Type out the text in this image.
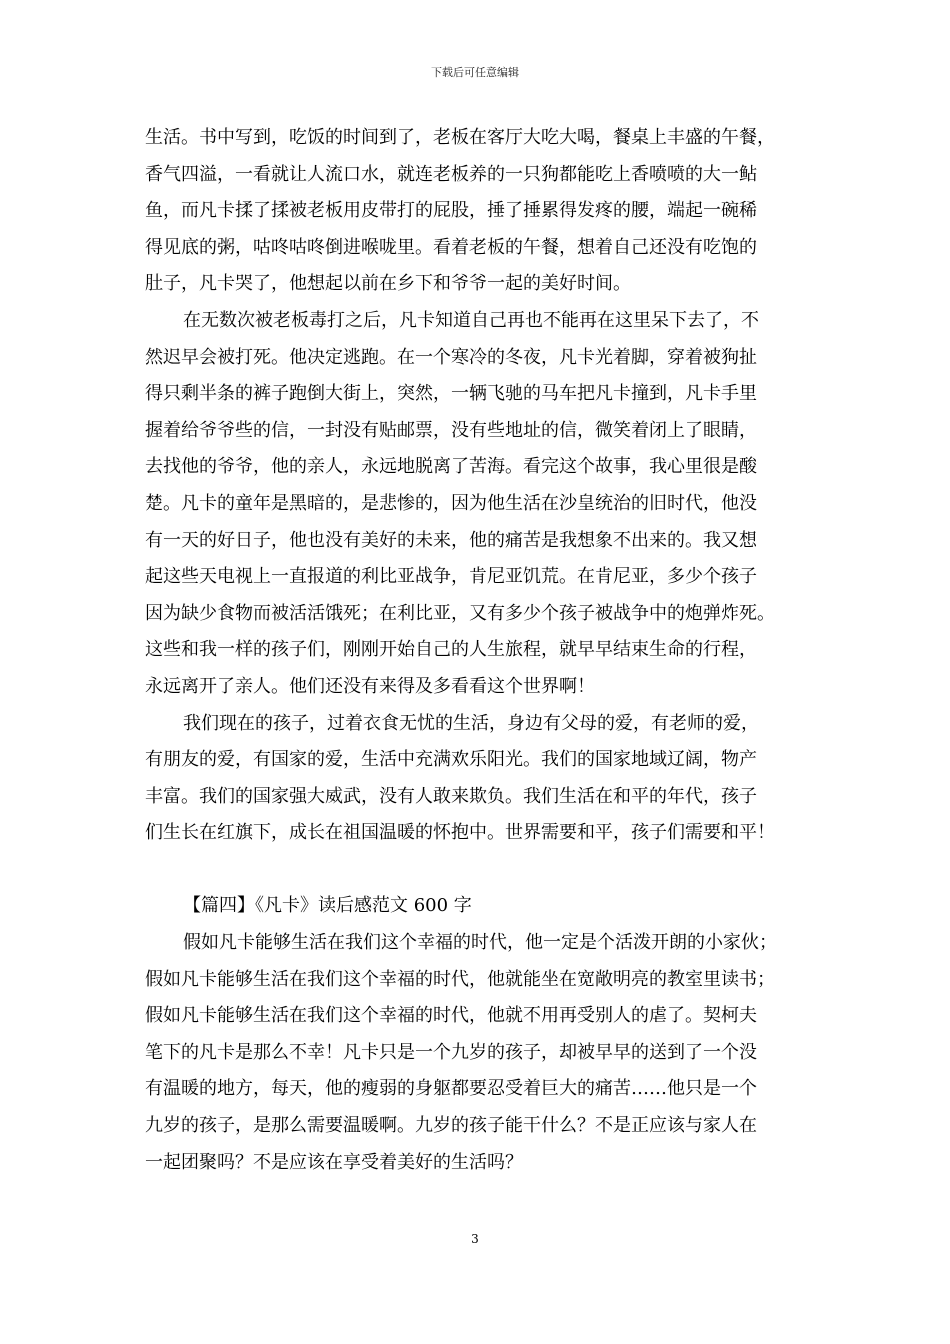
下载后可任意编辑
生活。书中写到，吃饭的时间到了，老板在客厅大吃大喝，餐桌上丰盛的午餐，
香气四溢，一看就让人流口水，就连老板养的一只狗都能吃上香喷喷的大一鲇
鱼，而凡卡揉了揉被老板用皮带打的屁股，捶了捶累得发疼的腰，端起一碗稀
得见底的粥，咕咚咕咚倒进喉咙里。看着老板的午餐，想着自己还没有吃饱的
肚子，凡卡哭了，他想起以前在乡下和爷爷一起的美好时间。
在无数次被老板毒打之后，凡卡知道自己再也不能再在这里呆下去了，不
然迟早会被打死。他决定逃跑。在一个寒冷的冬夜，凡卡光着脚，穿着被狗扯
得只剩半条的裤子跑倒大街上，突然，一辆飞驰的马车把凡卡撞到，凡卡手里
握着给爷爷些的信，一封没有贴邮票，没有些地址的信，微笑着闭上了眼睛，
去找他的爷爷，他的亲人，永远地脱离了苦海。看完这个故事，我心里很是酸
楚。凡卡的童年是黑暗的，是悲惨的，因为他生活在沙皇统治的旧时代，他没
有一天的好日子，他也没有美好的未来，他的痛苦是我想象不出来的。我又想
起这些天电视上一直报道的利比亚战争，肯尼亚饥荒。在肯尼亚，多少个孩子
因为缺少食物而被活活饿死；在利比亚，又有多少个孩子被战争中的炮弹炸死。
这些和我一样的孩子们，刚刚开始自己的人生旅程，就早早结束生命的行程，
永远离开了亲人。他们还没有来得及多看看这个世界啊！
我们现在的孩子，过着衣食无忧的生活，身边有父母的爱，有老师的爱，
有朋友的爱，有国家的爱，生活中充满欢乐阳光。我们的国家地域辽阔，物产
丰富。我们的国家强大威武，没有人敢来欺负。我们生活在和平的年代，孩子
们生长在红旗下，成长在祖国温暖的怀抱中。世界需要和平，孩子们需要和平！
【篇四】《凡卡》读后感范文 600 字
假如凡卡能够生活在我们这个幸福的时代，他一定是个活泼开朗的小家伙；
假如凡卡能够生活在我们这个幸福的时代，他就能坐在宽敞明亮的教室里读书；
假如凡卡能够生活在我们这个幸福的时代，他就不用再受别人的虐了。契柯夫
笔下的凡卡是那么不幸！凡卡只是一个九岁的孩子，却被早早的送到了一个没
有温暖的地方，每天，他的瘦弱的身躯都要忍受着巨大的痛苦……他只是一个
九岁的孩子，是那么需要温暖啊。九岁的孩子能干什么？不是正应该与家人在
一起团聚吗？不是应该在享受着美好的生活吗？
3
